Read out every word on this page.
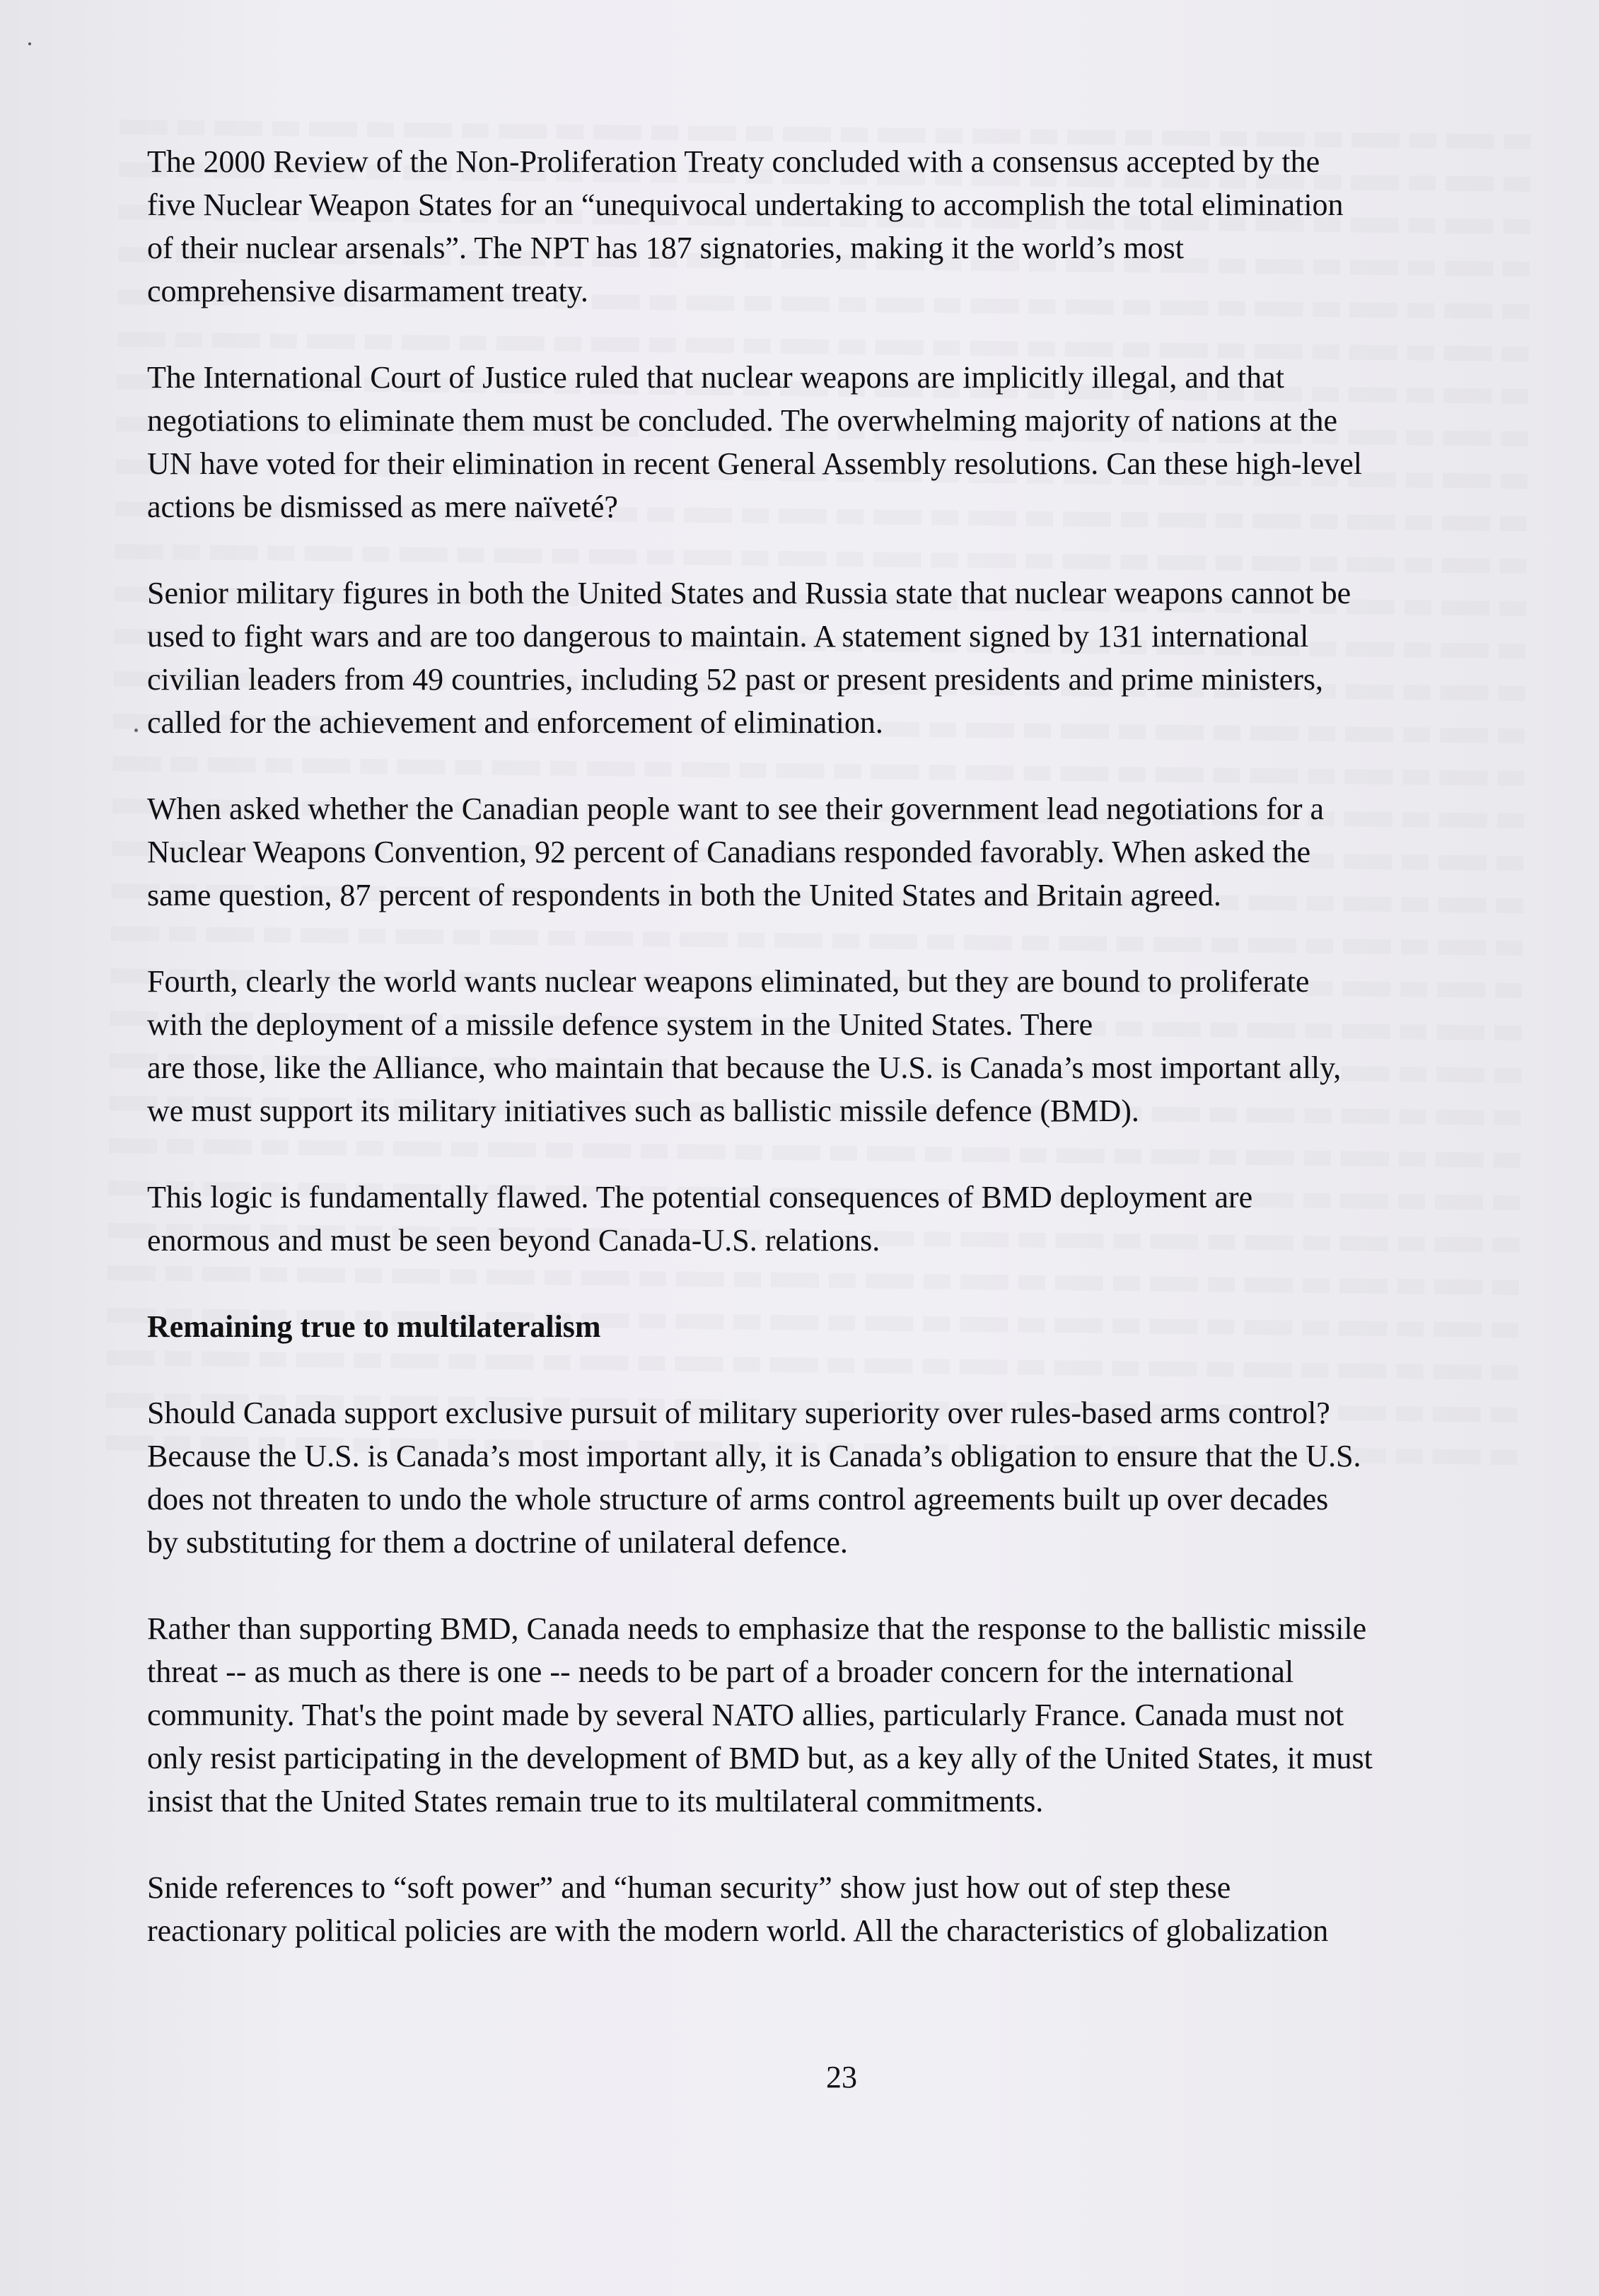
The 2000 Review of the Non-Proliferation Treaty concluded with a consensus accepted by the
five Nuclear Weapon States for an “unequivocal undertaking to accomplish the total elimination
of their nuclear arsenals”. The NPT has 187 signatories, making it the world’s most
comprehensive disarmament treaty.

The International Court of Justice ruled that nuclear weapons are implicitly illegal, and that
negotiations to eliminate them must be concluded. The overwhelming majority of nations at the
UN have voted for their elimination in recent General Assembly resolutions. Can these high-level
actions be dismissed as mere naïveté?

Senior military figures in both the United States and Russia state that nuclear weapons cannot be
used to fight wars and are too dangerous to maintain. A statement signed by 131 international
civilian leaders from 49 countries, including 52 past or present presidents and prime ministers,
called for the achievement and enforcement of elimination.

When asked whether the Canadian people want to see their government lead negotiations for a
Nuclear Weapons Convention, 92 percent of Canadians responded favorably. When asked the
same question, 87 percent of respondents in both the United States and Britain agreed.

Fourth, clearly the world wants nuclear weapons eliminated, but they are bound to proliferate
with the deployment of a missile defence system in the United States. There
are those, like the Alliance, who maintain that because the U.S. is Canada’s most important ally,
we must support its military initiatives such as ballistic missile defence (BMD).

This logic is fundamentally flawed. The potential consequences of BMD deployment are
enormous and must be seen beyond Canada-U.S. relations.

Remaining true to multilateralism

Should Canada support exclusive pursuit of military superiority over rules-based arms control?
Because the U.S. is Canada’s most important ally, it is Canada’s obligation to ensure that the U.S.
does not threaten to undo the whole structure of arms control agreements built up over decades
by substituting for them a doctrine of unilateral defence.

Rather than supporting BMD, Canada needs to emphasize that the response to the ballistic missile
threat -- as much as there is one -- needs to be part of a broader concern for the international
community. That's the point made by several NATO allies, particularly France. Canada must not
only resist participating in the development of BMD but, as a key ally of the United States, it must
insist that the United States remain true to its multilateral commitments.

Snide references to “soft power” and “human security” show just how out of step these
reactionary political policies are with the modern world. All the characteristics of globalization

23
